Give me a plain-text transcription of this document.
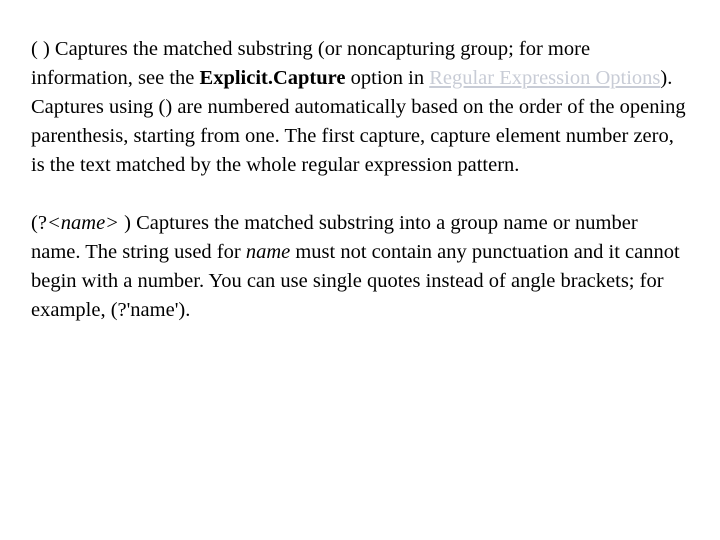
( ) Captures the matched substring (or noncapturing group; for more information, see the Explicit.Capture option in Regular Expression Options). Captures using () are numbered automatically based on the order of the opening parenthesis, starting from one. The first capture, capture element number zero, is the text matched by the whole regular expression pattern.

(?<name> ) Captures the matched substring into a group name or number name. The string used for name must not contain any punctuation and it cannot begin with a number. You can use single quotes instead of angle brackets; for example, (?'name').
